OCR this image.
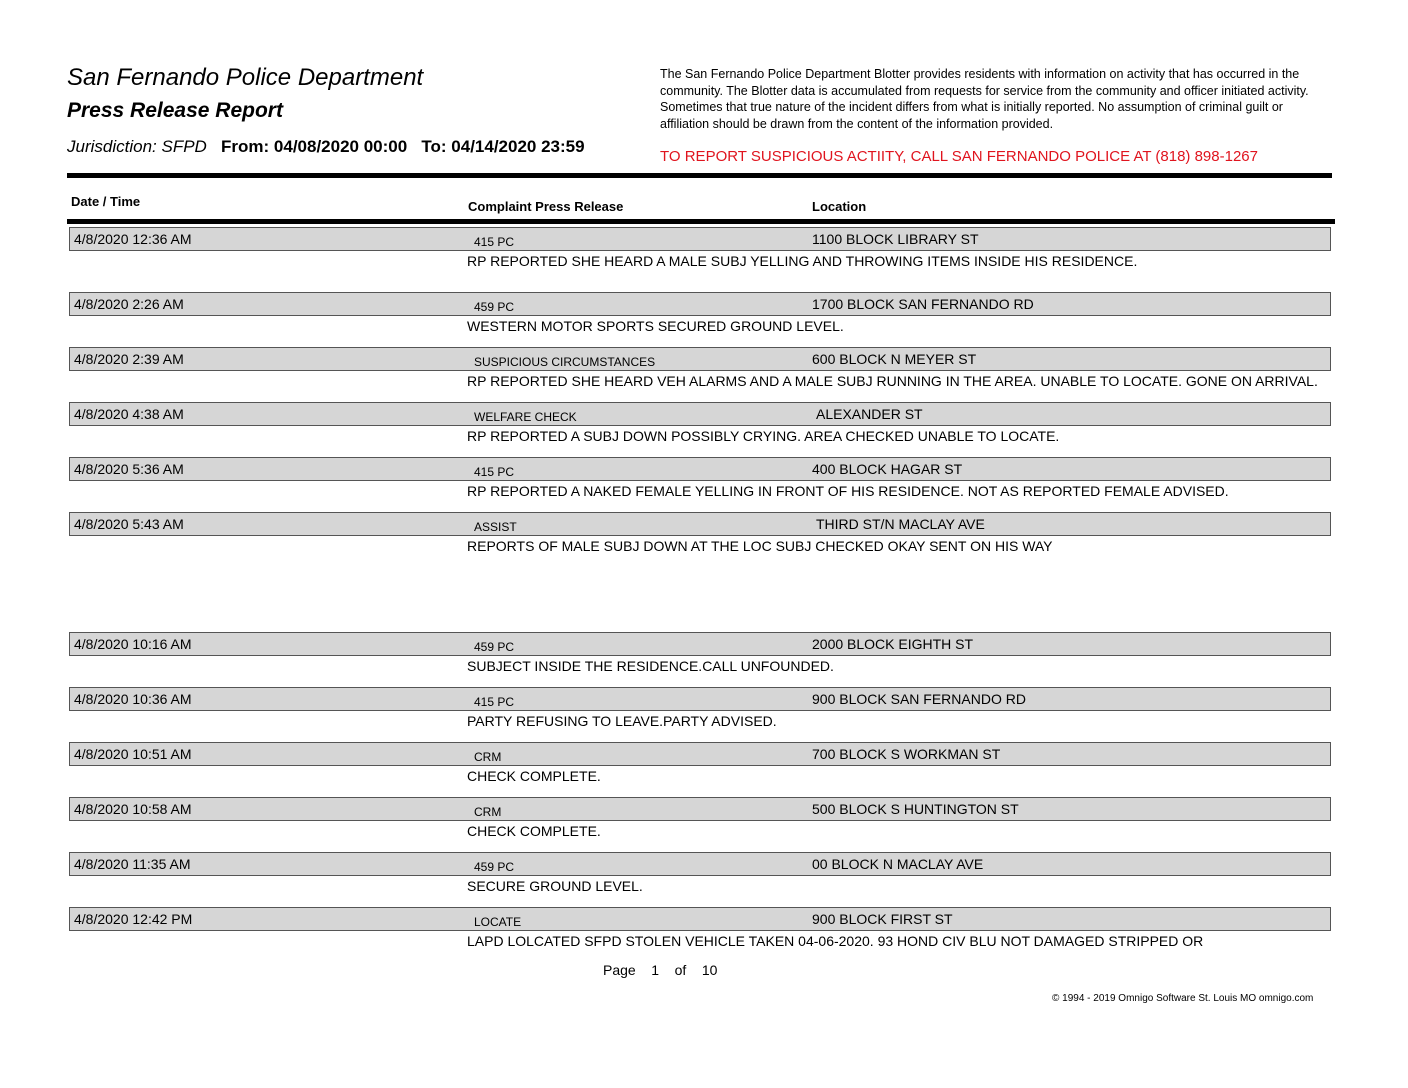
San Fernando Police Department
Press Release Report
Jurisdiction: SFPD From: 04/08/2020 00:00 To: 04/14/2020 23:59
The San Fernando Police Department Blotter provides residents with information on activity that has occurred in the community. The Blotter data is accumulated from requests for service from the community and officer initiated activity. Sometimes that true nature of the incident differs from what is initially reported. No assumption of criminal guilt or affiliation should be drawn from the content of the information provided.
TO REPORT SUSPICIOUS ACTIITY, CALL SAN FERNANDO POLICE AT (818) 898-1267
Date / Time	Complaint Press Release	Location
4/8/2020 12:36 AM	415 PC	1100 BLOCK LIBRARY ST
RP REPORTED SHE HEARD A MALE SUBJ YELLING AND THROWING ITEMS INSIDE HIS RESIDENCE.
4/8/2020 2:26 AM	459 PC	1700 BLOCK SAN FERNANDO RD
WESTERN MOTOR SPORTS SECURED GROUND LEVEL.
4/8/2020 2:39 AM	SUSPICIOUS CIRCUMSTANCES	600 BLOCK N MEYER ST
RP REPORTED SHE HEARD VEH ALARMS AND A MALE SUBJ RUNNING IN THE AREA. UNABLE TO LOCATE. GONE ON ARRIVAL.
4/8/2020 4:38 AM	WELFARE CHECK	ALEXANDER ST
RP REPORTED A SUBJ DOWN POSSIBLY CRYING. AREA CHECKED UNABLE TO LOCATE.
4/8/2020 5:36 AM	415 PC	400 BLOCK HAGAR ST
RP REPORTED A NAKED FEMALE YELLING IN FRONT OF HIS RESIDENCE. NOT AS REPORTED FEMALE ADVISED.
4/8/2020 5:43 AM	ASSIST	THIRD ST/N MACLAY AVE
REPORTS OF MALE SUBJ DOWN AT THE LOC SUBJ CHECKED OKAY SENT ON HIS WAY
4/8/2020 10:16 AM	459 PC	2000 BLOCK EIGHTH ST
SUBJECT INSIDE THE RESIDENCE.CALL UNFOUNDED.
4/8/2020 10:36 AM	415 PC	900 BLOCK SAN FERNANDO RD
PARTY REFUSING TO LEAVE.PARTY ADVISED.
4/8/2020 10:51 AM	CRM	700 BLOCK S WORKMAN ST
CHECK COMPLETE.
4/8/2020 10:58 AM	CRM	500 BLOCK S HUNTINGTON ST
CHECK COMPLETE.
4/8/2020 11:35 AM	459 PC	00 BLOCK N MACLAY AVE
SECURE GROUND LEVEL.
4/8/2020 12:42 PM	LOCATE	900 BLOCK FIRST ST
LAPD LOLCATED SFPD STOLEN VEHICLE TAKEN 04-06-2020. 93 HOND CIV BLU NOT DAMAGED STRIPPED OR
Page 1 of 10
© 1994 - 2019 Omnigo Software St. Louis MO omnigo.com
